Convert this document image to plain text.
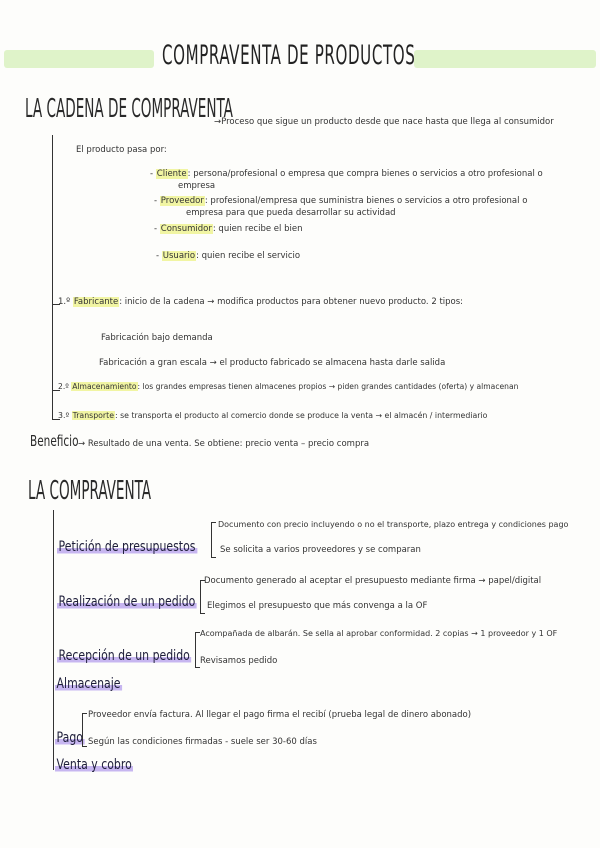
COMPRAVENTA DE PRODUCTOS
LA CADENA DE COMPRAVENTA
→Proceso que sigue un producto desde que nace hasta que llega al consumidor
El producto pasa por:
- Cliente: persona/profesional o empresa que compra bienes o servicios a otro profesional o
empresa
- Proveedor: profesional/empresa que suministra bienes o servicios a otro profesional o
empresa para que pueda desarrollar su actividad
- Consumidor: quien recibe el bien
- Usuario: quien recibe el servicio
1.º Fabricante: inicio de la cadena → modifica productos para obtener nuevo producto. 2 tipos:
Fabricación bajo demanda
Fabricación a gran escala → el producto fabricado se almacena hasta darle salida
2.º Almacenamiento: los grandes empresas tienen almacenes propios → piden grandes cantidades (oferta) y almacenan
3.º Transporte: se transporta el producto al comercio donde se produce la venta → el almacén / intermediario
Beneficio → Resultado de una venta. Se obtiene: precio venta – precio compra
LA COMPRAVENTA
Petición de presupuestos
Documento con precio incluyendo o no el transporte, plazo entrega y condiciones pago
Se solicita a varios proveedores y se comparan
Realización de un pedido
Documento generado al aceptar el presupuesto mediante firma → papel/digital
Elegimos el presupuesto que más convenga a la OF
Recepción de un pedido
Acompañada de albarán. Se sella al aprobar conformidad. 2 copias → 1 proveedor y 1 OF
Revisamos pedido
Almacenaje
Pago
Proveedor envía factura. Al llegar el pago firma el recibí (prueba legal de dinero abonado)
Según las condiciones firmadas - suele ser 30-60 días
Venta y cobro
